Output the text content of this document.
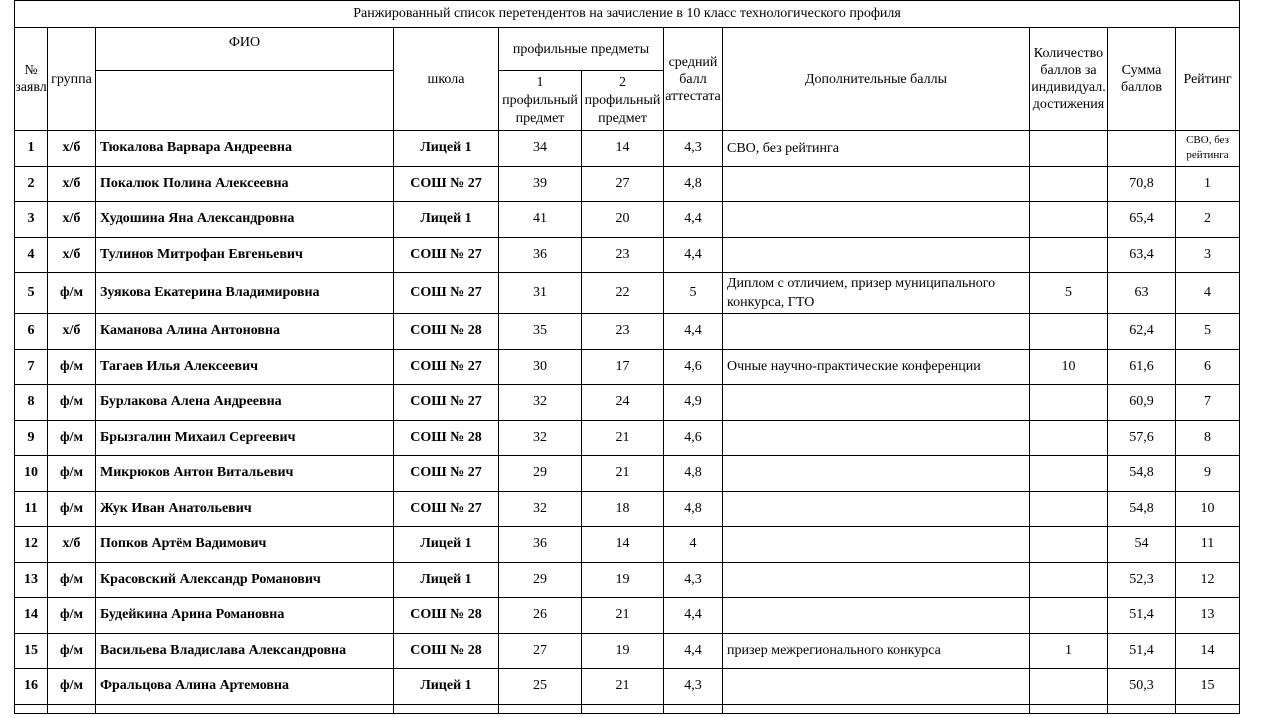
Ранжированный список перетендентов на зачисление в 10 класс технологического профиля										
№ заявл	группа	ФИО	школа	профильные предметы		средний балл аттестата	Дополнительные баллы	Количество баллов за индивидуал. достижения	Сумма баллов	Рейтинг
				1 профильный предмет	2 профильный предмет					
1	х/б	Тюкалова Варвара Андреевна	Лицей 1	34	14	4,3	СВО, без рейтинга			СВО, без рейтинга
2	х/б	Покалюк Полина Алексеевна	СОШ № 27	39	27	4,8			70,8	1
3	х/б	Худошина Яна Александровна	Лицей 1	41	20	4,4			65,4	2
4	х/б	Тулинов Митрофан Евгеньевич	СОШ № 27	36	23	4,4			63,4	3
5	ф/м	Зуякова Екатерина Владимировна	СОШ № 27	31	22	5	Диплом с отличием, призер муниципального конкурса, ГТО	5	63	4
6	х/б	Каманова Алина Антоновна	СОШ № 28	35	23	4,4			62,4	5
7	ф/м	Тагаев Илья Алексеевич	СОШ № 27	30	17	4,6	Очные научно-практические конференции	10	61,6	6
8	ф/м	Бурлакова Алена Андреевна	СОШ № 27	32	24	4,9			60,9	7
9	ф/м	Брызгалин Михаил Сергеевич	СОШ № 28	32	21	4,6			57,6	8
10	ф/м	Микрюков Антон Витальевич	СОШ № 27	29	21	4,8			54,8	9
11	ф/м	Жук Иван Анатольевич	СОШ № 27	32	18	4,8			54,8	10
12	х/б	Попков Артём Вадимович	Лицей 1	36	14	4			54	11
13	ф/м	Красовский Александр Романович	Лицей 1	29	19	4,3			52,3	12
14	ф/м	Будейкина Арина Романовна	СОШ № 28	26	21	4,4			51,4	13
15	ф/м	Васильева Владислава Александровна	СОШ № 28	27	19	4,4	призер межрегионального конкурса	1	51,4	14
16	ф/м	Фральцова Алина Артемовна	Лицей 1	25	21	4,3			50,3	15
